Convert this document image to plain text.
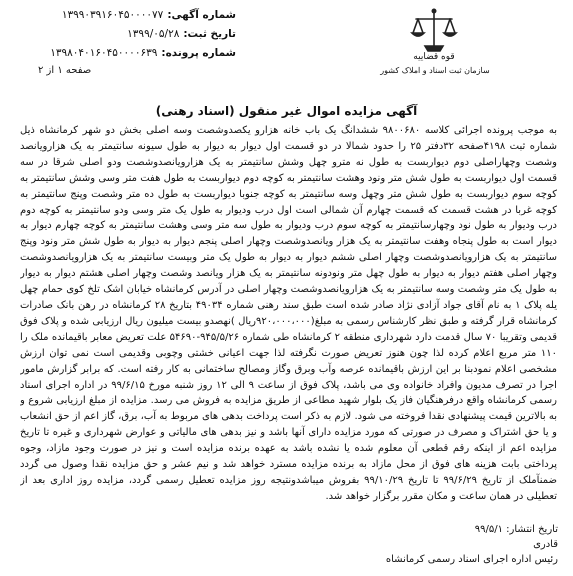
شماره آگهی:
۱۳۹۹۰۳۹۱۶۰۴۵۰۰۰۰۷۷
تاریخ ثبت:
۱۳۹۹/۰۵/۲۸
شماره پرونده:
۱۳۹۸۰۴۰۱۶۰۴۵۰۰۰۰۶۳۹
صفحه ۱ از ۲
قوه قضاییه
سازمان ثبت اسناد و املاک کشور
آگهی مزایده اموال غیر منقول (اسناد رهنی)
به موجب پرونده اجرائی کلاسه ۹۸۰۰۶۸۰ ششدانگ یک باب خانه هزارو یکصدوشصت وسه اصلی بخش دو شهر کرمانشاه ذیل شماره ثبت ۴۱۹۸صفحه ۳۲دفتر ۲۵ را حدود شمالا در دو قسمت اول دیوار به دیوار به طول سیونه سانتیمتر به یک هزارویانصد وشصت وچهاراصلی دوم دیواربست به طول نه مترو چهل وشش سانتیمتر به یک هزارویانصدوشصت ودو اصلی شرقا در سه قسمت اول دیواربست به طول شش متر ونود وهشت سانتیمتر به کوچه دوم دیواربست به طول هفت متر وسی وشش سانتیمتر به کوچه سوم دیواربست به طول شش متر وچهل وسه سانتیمتر به کوچه جنوبا دیواربست به طول ده متر وشصت وپنج سانتیمتر به کوچه غربا در هشت قسمت که قسمت چهارم آن شمالی است اول درب ودیوار به طول یک متر وسی ودو سانتیمتر به کوچه دوم درب ودیوار به طول نود وچهارسانتیمتر به کوچه سوم درب ودیوار به طول سه متر وسی وهشت سانتیمتر به کوچه چهارم دیوار به دیوار است به طول پنجاه وهفت سانتیمتر به یک هزار ویانصدوشصت وچهار اصلی پنجم دیوار به دیوار به طول شش متر ونود وپنج سانتیمتر به یک هزارویانصدوشصت وچهار اصلی ششم دیوار به دیوار به طول یک متر وبیست سانتیمتر به یک هزارویانصدوشصت وچهار اصلی هفتم دیوار به دیوار به طول چهل متر ونودونه سانتیمتر به یک هزار ویانصد وشصت وچهار اصلی هشتم دیوار به دیوار به طول یک متر وشصت وسه سانتیمتر به یک هزارویانصدوشصت وچهار اصلی در آدرس کرمانشاه خیابان اشک تلخ کوی حمام چهل یله پلاک ۱ به نام آقای جواد آزادی نژاد صادر شده است طبق سند رهنی شماره ۴۹۰۳۴ بتاریخ ۲۸ کرمانشاه در رهن بانک صادرات کرمانشاه قرار گرفته و طبق نظر کارشناس رسمی به مبلغ(۹۲۰،۰۰۰،۰۰۰ریال )نهصدو بیست میلیون ریال ارزیابی شده و پلاک فوق قدیمی وتقریبا ۷۰ سال قدمت دارد شهرداری منطقه ۲ کرمانشاه طی شماره ۹۴۵/۵/۲۶-۵۴۶۹۰ علت تعریض معابر باقیمانده ملک را ۱۱۰ متر مربع اعلام کرده لذا چون هنوز تعریض صورت نگرفته لذا جهت اعیانی خشتی وچوبی وقدیمی است نمی توان ارزش مشخصی اعلام نمودبنا بر این ارزش باقیمانده عرصه وآب وبرق وگاز ومصالح ساختمانی به کار رفته است. که برابر گزارش مامور اجرا در تصرف مدیون وافراد خانواده وی می باشد، پلاک فوق از ساعت ۹ الی ۱۲ روز شنبه مورخ ۹۹/۶/۱۵ در اداره اجرای اسناد رسمی کرمانشاه واقع درفرهنگیان فاز یک بلوار شهید مطاعی از طریق مزایده به فروش می رسد. مزایده از مبلغ ارزیابی شروع و به بالاترین قیمت پیشنهادی نقدا فروخته می شود. لازم به ذکر است پرداخت بدهی های مربوط به آب، برق، گاز اعم از حق انشعاب و یا حق اشتراک و مصرف در صورتی که مورد مزایده دارای آنها باشد و نیز بدهی های مالیاتی و عوارض شهرداری و غیره تا تاریخ مزایده اعم از اینکه رقم قطعی آن معلوم شده یا نشده باشد به عهده برنده مزایده است و نیز در صورت وجود مازاد، وجوه پرداختی بابت هزینه های فوق از محل مازاد به برنده مزایده مسترد خواهد شد و نیم عشر و حق مزایده نقدا وصول می گردد ضمنآملک از تاریخ ۹۹/۶/۲۹ تا تاریخ ۹۹/۱۰/۲۹ بفروش میباشدونتیجه روز مزایده تعطیل رسمی گردد، مزایده روز اداری بعد از تعطیلی در همان ساعت و مکان مقرر برگزار خواهد شد.
تاریخ انتشار: ۹۹/۵/۱
قادری
رئیس اداره اجرای اسناد رسمی کرمانشاه
